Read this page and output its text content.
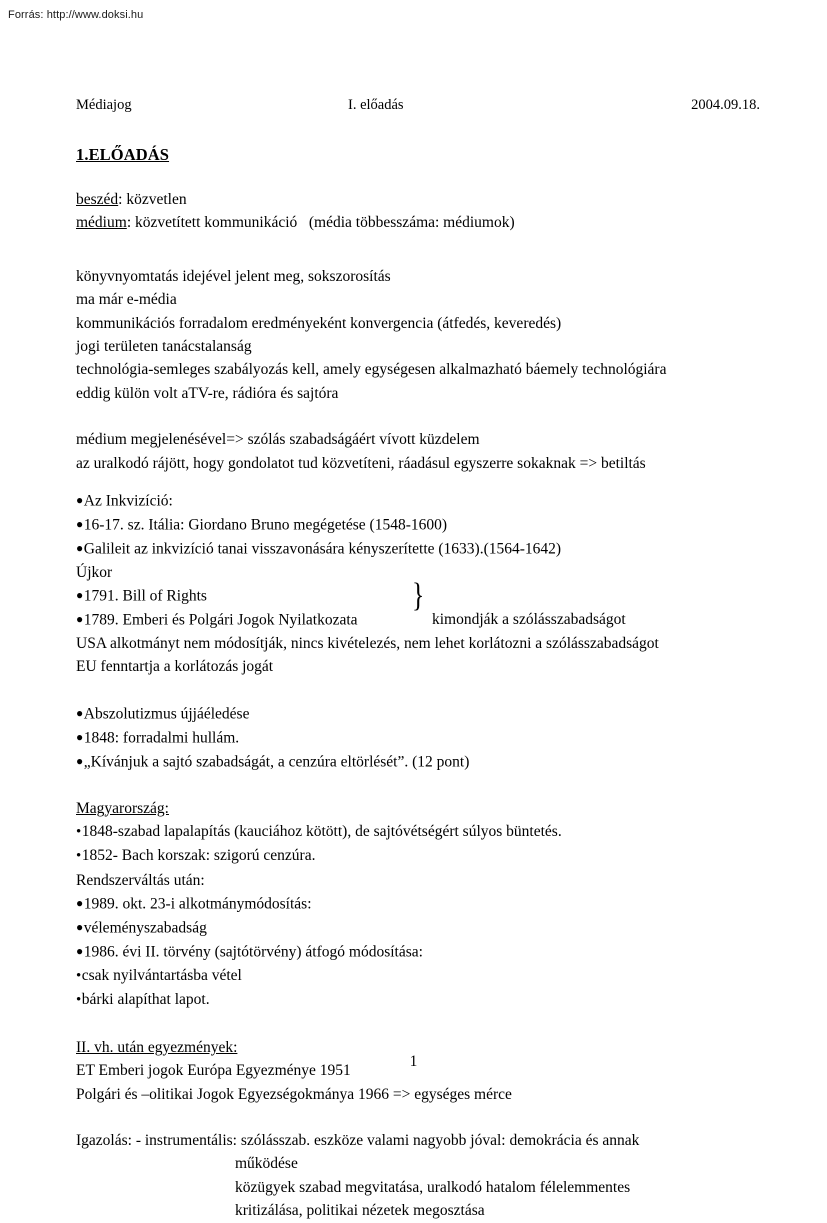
Forrás: http://www.doksi.hu
Médiajog	I. előadás	2004.09.18.
1.ELŐADÁS
beszéd: közvetlen
médium: közvetített kommunikáció   (média többesszáma: médiumok)
könyvnyomtatás idejével jelent meg, sokszorosítás
ma már e-média
kommunikációs forradalom eredményeként konvergencia (átfedés, keveredés)
jogi területen tanácstalanság
technológia-semleges szabályozás kell, amely egységesen alkalmazható báemely technológiára
eddig külön volt aTV-re, rádióra és sajtóra
médium megjelenésével=> szólás szabadságáért vívott küzdelem
az uralkodó rájött, hogy gondolatot tud közvetíteni, ráadásul egyszerre sokaknak => betiltás
● Az Inkvizíció:
● 16-17. sz. Itália: Giordano Bruno megégetése (1548-1600)
● Galileit az inkvizíció tanai visszavonására kényszerítette (1633).(1564-1642)
Újkor
● 1791. Bill of Rights
● 1789. Emberi és Polgári Jogok Nyilatkozata
}
kimondják a szólásszabadságot
USA alkotmányt nem módosítják, nincs kivételezés, nem lehet korlátozni a szólásszabadságot
EU fenntartja a korlátozás jogát
● Abszolutizmus újjáéledése
● 1848: forradalmi hullám.
● „Kívánjuk a sajtó szabadságát, a cenzúra eltörlését”. (12 pont)
Magyarország:
• 1848-szabad lapalapítás (kauciához kötött), de sajtóvétségért súlyos büntetés.
• 1852- Bach korszak: szigorú cenzúra.
Rendszerváltás után:
● 1989. okt. 23-i alkotmánymódosítás:
● véleményszabadság
● 1986. évi II. törvény (sajtótörvény) átfogó módosítása:
• csak nyilvántartásba vétel
• bárki alapíthat lapot.
II. vh. után egyezmények:
ET Emberi jogok Európa Egyezménye 1951
Polgári és –olitikai Jogok Egyezségokmánya 1966 => egységes mérce
Igazolás: - instrumentális: szólásszab. eszköze valami nagyobb jóval: demokrácia és annak
működése
közügyek szabad megvitatása, uralkodó hatalom félelemmentes
kritizálása, politikai nézetek megosztása
1
